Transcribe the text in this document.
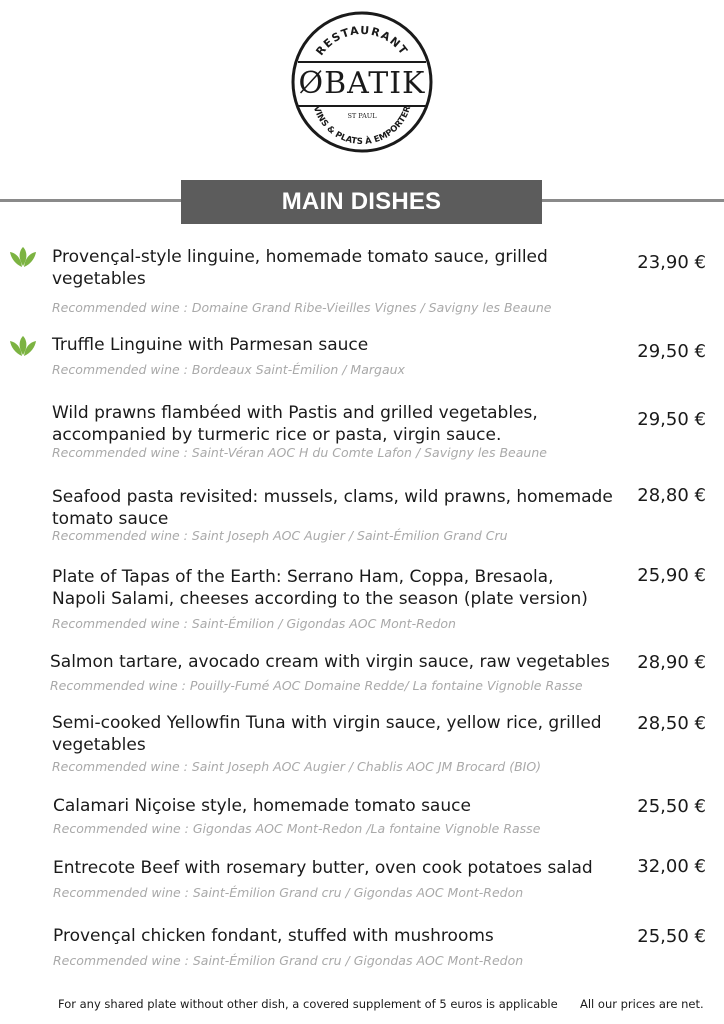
RESTAURANT
ØBATIK
ST PAUL
VINS & PLATS À EMPORTER
MAIN DISHES
Provençal-style linguine, homemade tomato sauce, grilled vegetables
Recommended wine : Domaine Grand Ribe-Vieilles Vignes / Savigny les Beaune
23,90 €
Truffle Linguine with Parmesan sauce
Recommended wine : Bordeaux Saint-Émilion / Margaux
29,50 €
Wild prawns flambéed with Pastis and grilled vegetables, accompanied by turmeric rice or pasta, virgin sauce.
Recommended wine : Saint-Véran AOC H du Comte Lafon / Savigny les Beaune
29,50 €
Seafood pasta revisited: mussels, clams, wild prawns, homemade tomato sauce
Recommended wine : Saint Joseph AOC Augier / Saint-Émilion Grand Cru
28,80 €
Plate of Tapas of the Earth: Serrano Ham, Coppa, Bresaola, Napoli Salami, cheeses according to the season (plate version)
Recommended wine : Saint-Émilion / Gigondas AOC Mont-Redon
25,90 €
Salmon tartare, avocado cream with virgin sauce, raw vegetables
Recommended wine : Pouilly-Fumé AOC Domaine Redde/ La fontaine Vignoble Rasse
28,90 €
Semi-cooked Yellowfin Tuna with virgin sauce, yellow rice, grilled vegetables
Recommended wine : Saint Joseph AOC Augier / Chablis AOC JM Brocard (BIO)
28,50 €
Calamari Niçoise style, homemade tomato sauce
Recommended wine : Gigondas AOC Mont-Redon /La fontaine Vignoble Rasse
25,50 €
Entrecote Beef with rosemary butter, oven cook potatoes salad
Recommended wine : Saint-Émilion Grand cru / Gigondas AOC Mont-Redon
32,00 €
Provençal chicken fondant, stuffed with mushrooms
Recommended wine : Saint-Émilion Grand cru / Gigondas AOC Mont-Redon
25,50 €
For any shared plate without other dish, a covered supplement of 5 euros is applicable All our prices are net.
